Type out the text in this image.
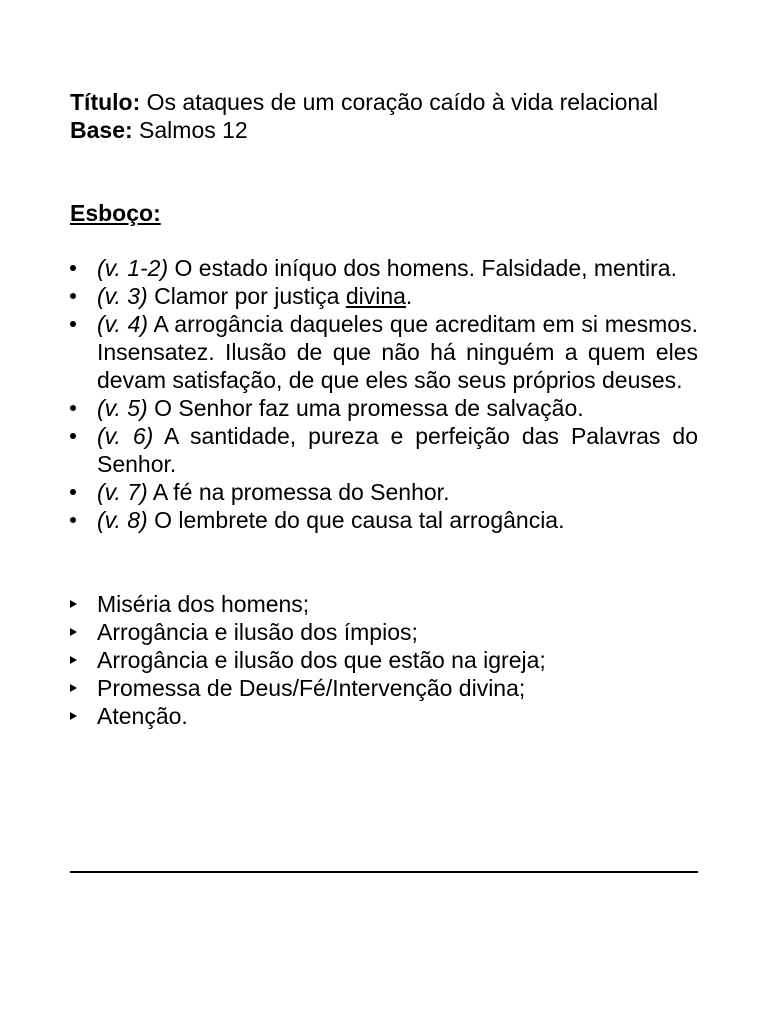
Título: Os ataques de um coração caído à vida relacional

Base: Salmos 12

Esboço:

(v. 1-2) O estado iníquo dos homens. Falsidade, mentira.
(v. 3) Clamor por justiça divina.
(v. 4) A arrogância daqueles que acreditam em si mesmos. Insensatez. Ilusão de que não há ninguém a quem eles devam satisfação, de que eles são seus próprios deuses.
(v. 5) O Senhor faz uma promessa de salvação.
(v. 6) A santidade, pureza e perfeição das Palavras do Senhor.
(v. 7) A fé na promessa do Senhor.
(v. 8) O lembrete do que causa tal arrogância.
Miséria dos homens;
Arrogância e ilusão dos ímpios;
Arrogância e ilusão dos que estão na igreja;
Promessa de Deus/Fé/Intervenção divina;
Atenção.
